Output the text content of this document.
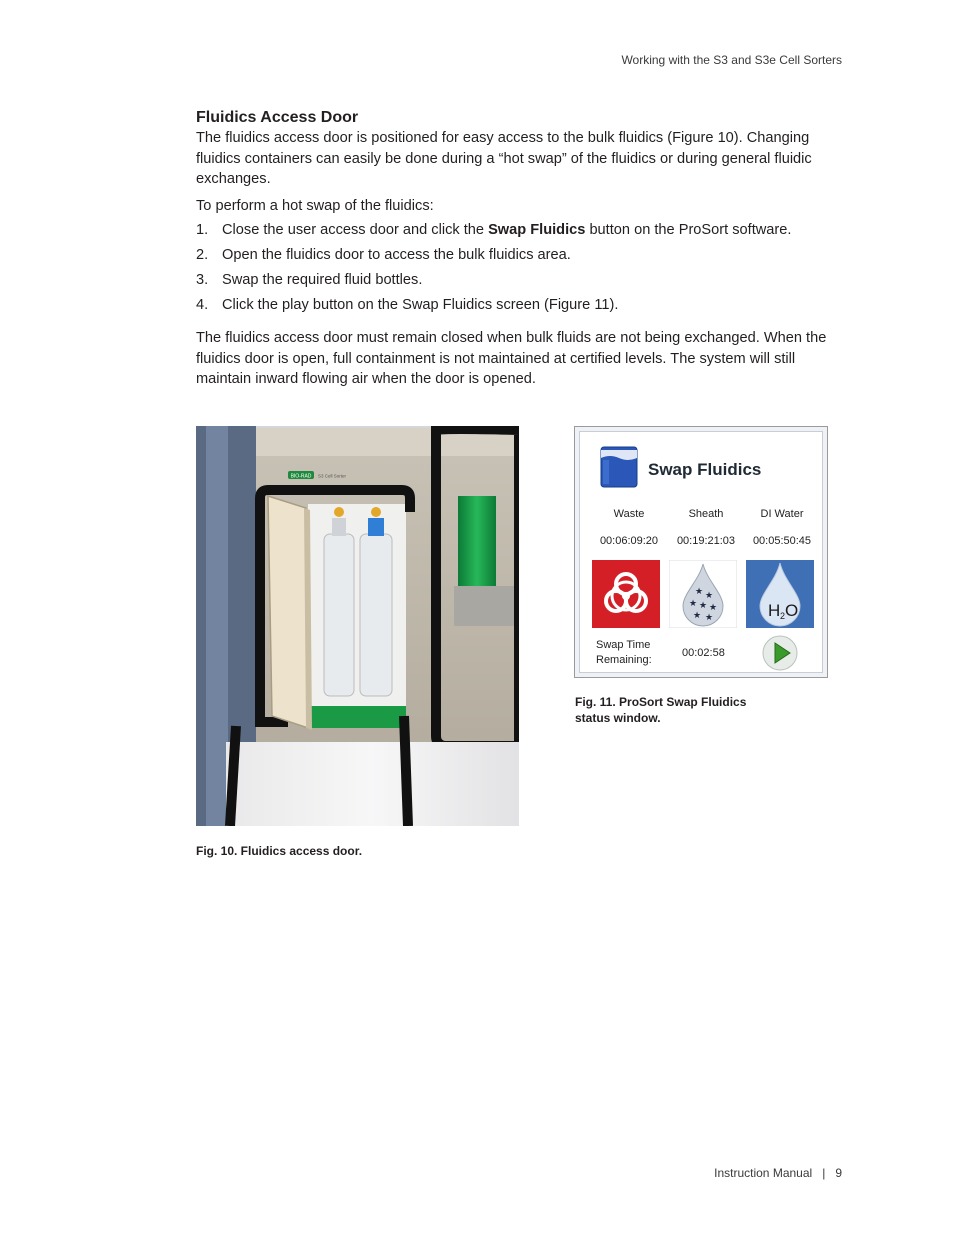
Working with the S3 and S3e Cell Sorters
Fluidics Access Door

The fluidics access door is positioned for easy access to the bulk fluidics (Figure 10). Changing fluidics containers can easily be done during a “hot swap” of the fluidics or during general fluidic exchanges.

To perform a hot swap of the fluidics:

1. Close the user access door and click the Swap Fluidics button on the ProSort software.
2. Open the fluidics door to access the bulk fluidics area.
3. Swap the required fluid bottles.
4. Click the play button on the Swap Fluidics screen (Figure 11).

The fluidics access door must remain closed when bulk fluids are not being exchanged. When the fluidics door is open, full containment is not maintained at certified levels. The system will still maintain inward flowing air when the door is opened.

BIO-RAD S3 Cell Sorter
Fig. 10. Fluidics access door.
Swap Fluidics
Waste	Sheath	DI Water
00:06:09:20	00:19:21:03	00:05:50:45
★ ★
★ ★ ★
★ ★	H 2 O
Swap Time
Remaining:
00:02:58
Fig. 11. ProSort Swap Fluidics
status window.
Instruction Manual | 9
